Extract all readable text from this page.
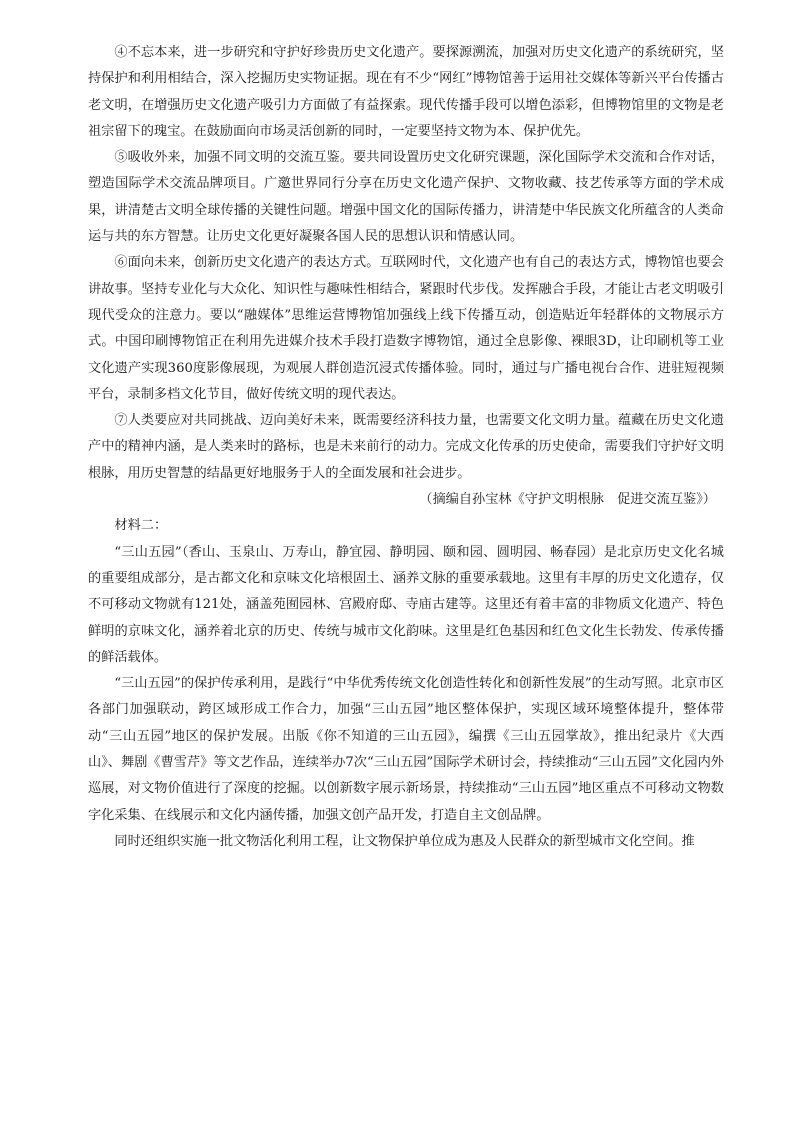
④不忘本来，进一步研究和守护好珍贵历史文化遗产。要探源溯流，加强对历史文化遗产的系统研究，坚持保护和利用相结合，深入挖掘历史实物证据。现在有不少“网红”博物馆善于运用社交媒体等新兴平台传播古老文明，在增强历史文化遗产吸引力方面做了有益探索。现代传播手段可以增色添彩，但博物馆里的文物是老祖宗留下的瑰宝。在鼓励面向市场灵活创新的同时，一定要坚持文物为本、保护优先。

⑤吸收外来，加强不同文明的交流互鉴。要共同设置历史文化研究课题，深化国际学术交流和合作对话，塑造国际学术交流品牌项目。广邀世界同行分享在历史文化遗产保护、文物收藏、技艺传承等方面的学术成果，讲清楚古文明全球传播的关键性问题。增强中国文化的国际传播力，讲清楚中华民族文化所蕴含的人类命运与共的东方智慧。让历史文化更好凝聚各国人民的思想认识和情感认同。

⑥面向未来，创新历史文化遗产的表达方式。互联网时代，文化遗产也有自己的表达方式，博物馆也要会讲故事。坚持专业化与大众化、知识性与趣味性相结合，紧跟时代步伐。发挥融合手段，才能让古老文明吸引现代受众的注意力。要以“融媒体”思维运营博物馆加强线上线下传播互动，创造贴近年轻群体的文物展示方式。中国印刷博物馆正在利用先进媒介技术手段打造数字博物馆，通过全息影像、裸眼3D，让印刷机等工业文化遗产实现360度影像展现，为观展人群创造沉浸式传播体验。同时，通过与广播电视台合作、进驻短视频平台，录制多档文化节目，做好传统文明的现代表达。

⑦人类要应对共同挑战、迈向美好未来，既需要经济科技力量，也需要文化文明力量。蕴藏在历史文化遗产中的精神内涵，是人类来时的路标，也是未来前行的动力。完成文化传承的历史使命，需要我们守护好文明根脉，用历史智慧的结晶更好地服务于人的全面发展和社会进步。

（摘编自孙宝林《守护文明根脉　促进交流互鉴》）

材料二：

“三山五园”（香山、玉泉山、万寿山，静宜园、静明园、颐和园、圆明园、畅春园）是北京历史文化名城的重要组成部分，是古都文化和京味文化培根固土、涵养文脉的重要承载地。这里有丰厚的历史文化遗存，仅不可移动文物就有121处，涵盖苑囿园林、宫殿府邸、寺庙古建等。这里还有着丰富的非物质文化遗产、特色鲜明的京味文化，涵养着北京的历史、传统与城市文化韵味。这里是红色基因和红色文化生长勃发、传承传播的鲜活载体。

“三山五园”的保护传承利用，是践行“中华优秀传统文化创造性转化和创新性发展”的生动写照。北京市区各部门加强联动，跨区域形成工作合力，加强“三山五园”地区整体保护，实现区域环境整体提升，整体带动“三山五园”地区的保护发展。出版《你不知道的三山五园》，编撰《三山五园掌故》，推出纪录片《大西山》、舞剧《曹雪芹》等文艺作品，连续举办7次“三山五园”国际学术研讨会，持续推动“三山五园”文化园内外巡展，对文物价值进行了深度的挖掘。以创新数字展示新场景，持续推动“三山五园”地区重点不可移动文物数字化采集、在线展示和文化内涵传播，加强文创产品开发，打造自主文创品牌。

同时还组织实施一批文物活化利用工程，让文物保护单位成为惠及人民群众的新型城市文化空间。推
